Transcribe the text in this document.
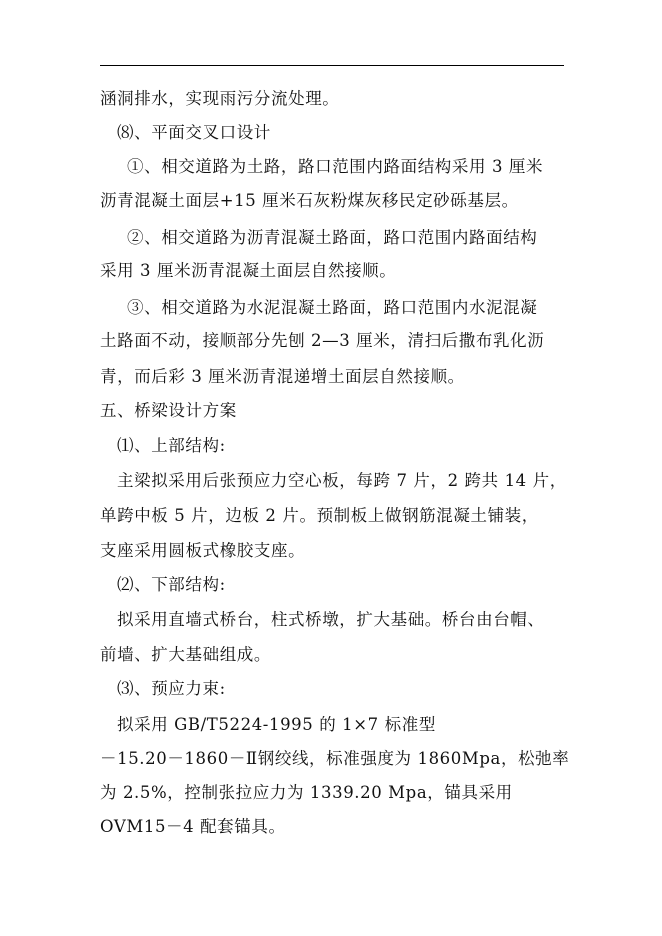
涵洞排水，实现雨污分流处理。
⑻、平面交叉口设计
①、相交道路为土路，路口范围内路面结构采用 3 厘米
沥青混凝土面层+15 厘米石灰粉煤灰移民定砂砾基层。
②、相交道路为沥青混凝土路面，路口范围内路面结构
采用 3 厘米沥青混凝土面层自然接顺。
③、相交道路为水泥混凝土路面，路口范围内水泥混凝
土路面不动，接顺部分先刨 2—3 厘米，清扫后撒布乳化沥
青，而后彩 3 厘米沥青混递增土面层自然接顺。
五、桥梁设计方案
⑴、上部结构:
主梁拟采用后张预应力空心板，每跨 7 片，2 跨共 14 片，
单跨中板 5 片，边板 2 片。预制板上做钢筋混凝土铺装，
支座采用圆板式橡胶支座。
⑵、下部结构:
拟采用直墙式桥台，柱式桥墩，扩大基础。桥台由台帽、
前墙、扩大基础组成。
⑶、预应力束:
拟采用 GB/T5224-1995 的 1×7 标准型
－15.20－1860－Ⅱ钢绞线，标准强度为 1860Mpa，松弛率
为 2.5%，控制张拉应力为 1339.20 Mpa，锚具采用
OVM15－4 配套锚具。
